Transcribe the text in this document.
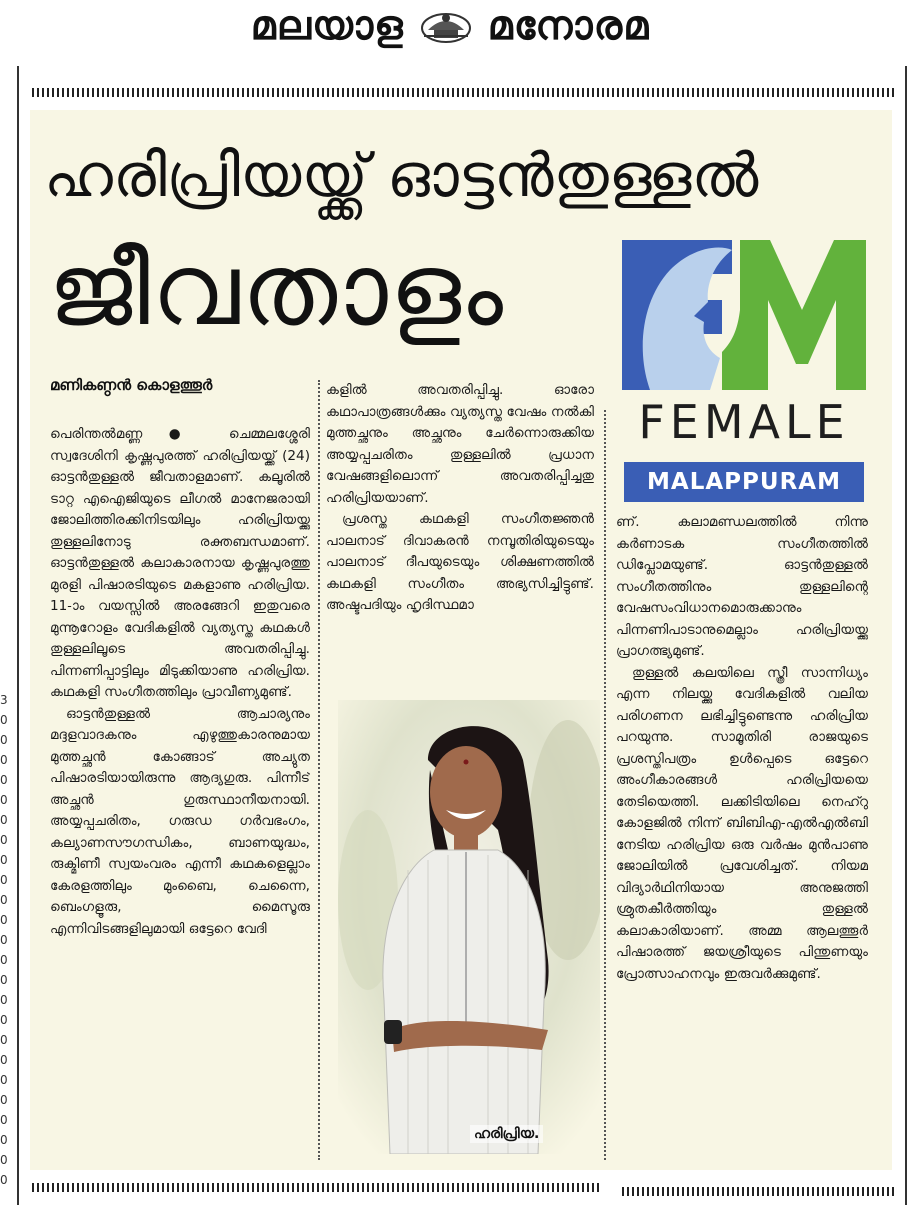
മലയാള മനോരമ
3
0
0
0
0
0
0
0
0
0
0
0
0
0
0
0
0
0
0
0
0
0
0
0
0
ഹരിപ്രിയയ്ക്ക് ഓട്ടൻതുള്ളൽ
ജീവതാളം
FEMALE
MALAPPURAM
മണികണ്ഠൻ കൊളത്തൂർ

പെരിന്തൽമണ്ണ ● ചെമ്മലശ്ശേരി സ്വദേശിനി കൃഷ്ണപുരത്ത് ഹരിപ്രിയയ്ക്ക് (24) ഓട്ടൻതുള്ളൽ ജീവതാളമാണ്. കലൂരിൽ ടാറ്റ എഐജിയുടെ ലീഗൽ മാനേജരായി ജോലിത്തിരക്കിനിടയിലും ഹരിപ്രിയയ്ക്കു തുള്ളലിനോടു രക്തബന്ധമാണ്. ഓട്ടൻതുള്ളൽ കലാകാരനായ കൃഷ്ണപുരത്തു മുരളി പിഷാരടിയുടെ മകളാണു ഹരിപ്രിയ. 11-ാം വയസ്സിൽ അരങ്ങേറി ഇതുവരെ മുന്നൂറോളം വേദികളിൽ വ്യത്യസ്ത കഥകൾ തുള്ളലിലൂടെ അവതരിപ്പിച്ചു. പിന്നണിപ്പാട്ടിലും മിടുക്കിയാണു ഹരിപ്രിയ. കഥകളി സംഗീതത്തിലും പ്രാവീണ്യമുണ്ട്.

ഓട്ടൻതുള്ളൽ ആചാര്യനും മദ്ദളവാദകനും എഴുത്തുകാരനുമായ മുത്തച്ഛൻ കോങ്ങാട് അച്യുത പിഷാരടിയായിരുന്നു ആദ്യഗുരു. പിന്നീട് അച്ഛൻ ഗുരുസ്ഥാനീയനായി. അയ്യപ്പചരിതം, ഗരുഡ ഗർവഭംഗം, കല്യാണസൗഗന്ധികം, ബാണയുദ്ധം, രുക്മിണീ സ്വയംവരം എന്നീ കഥകളെല്ലാം കേരളത്തിലും മുംബൈ, ചെന്നൈ, ബെംഗളൂരു, മൈസൂരു എന്നിവിടങ്ങളിലുമായി ഒട്ടേറെ വേദി

കളിൽ അവതരിപ്പിച്ചു. ഓരോ കഥാപാത്രങ്ങൾക്കും വ്യത്യസ്ത വേഷം നൽകി മുത്തച്ഛനും അച്ഛനും ചേർന്നൊരുക്കിയ അയ്യപ്പചരിതം തുള്ളലിൽ പ്രധാന വേഷങ്ങളിലൊന്ന് അവതരിപ്പിച്ചതു ഹരിപ്രിയയാണ്.

പ്രശസ്ത കഥകളി സംഗീതജ്ഞൻ പാലനാട് ദിവാകരൻ നമ്പൂതിരിയുടെയും പാലനാട് ദീപയുടെയും ശിക്ഷണത്തിൽ കഥകളി സംഗീതം അഭ്യസിച്ചിട്ടുണ്ട്. അഷ്ടപദിയും ഹൃദിസ്ഥമാ

ണ്. കലാമണ്ഡലത്തിൽ നിന്നു കർണാടക സംഗീതത്തിൽ ഡിപ്ലോമയുണ്ട്. ഓട്ടൻതുള്ളൽ സംഗീതത്തിനും തുള്ളലിന്റെ വേഷസംവിധാനമൊരുക്കാനും പിന്നണിപാടാനുമെല്ലാം ഹരിപ്രിയയ്ക്കു പ്രാഗത്ഭ്യമുണ്ട്.

തുള്ളൽ കലയിലെ സ്ത്രീ സാന്നിധ്യം എന്ന നിലയ്ക്കു വേദികളിൽ വലിയ പരിഗണന ലഭിച്ചിട്ടുണ്ടെന്നു ഹരിപ്രിയ പറയുന്നു. സാമൂതിരി രാജയുടെ പ്രശസ്തിപത്രം ഉൾപ്പെടെ ഒട്ടേറെ അംഗീകാരങ്ങൾ ഹരിപ്രിയയെ തേടിയെത്തി. ലക്കിടിയിലെ നെഹ്റു കോളജിൽ നിന്ന് ബിബിഎ-എൽഎൽബി നേടിയ ഹരിപ്രിയ ഒരു വർഷം മുൻപാണു ജോലിയിൽ പ്രവേശിച്ചത്. നിയമ വിദ്യാർഥിനിയായ അനുജത്തി ശ്രുതകീർത്തിയും തുള്ളൽ കലാകാരിയാണ്. അമ്മ ആലത്തൂർ പിഷാരത്ത് ജയശ്രീയുടെ പിന്തുണയും പ്രോത്സാഹനവും ഇരുവർക്കുമുണ്ട്.

ഹരിപ്രിയ.
